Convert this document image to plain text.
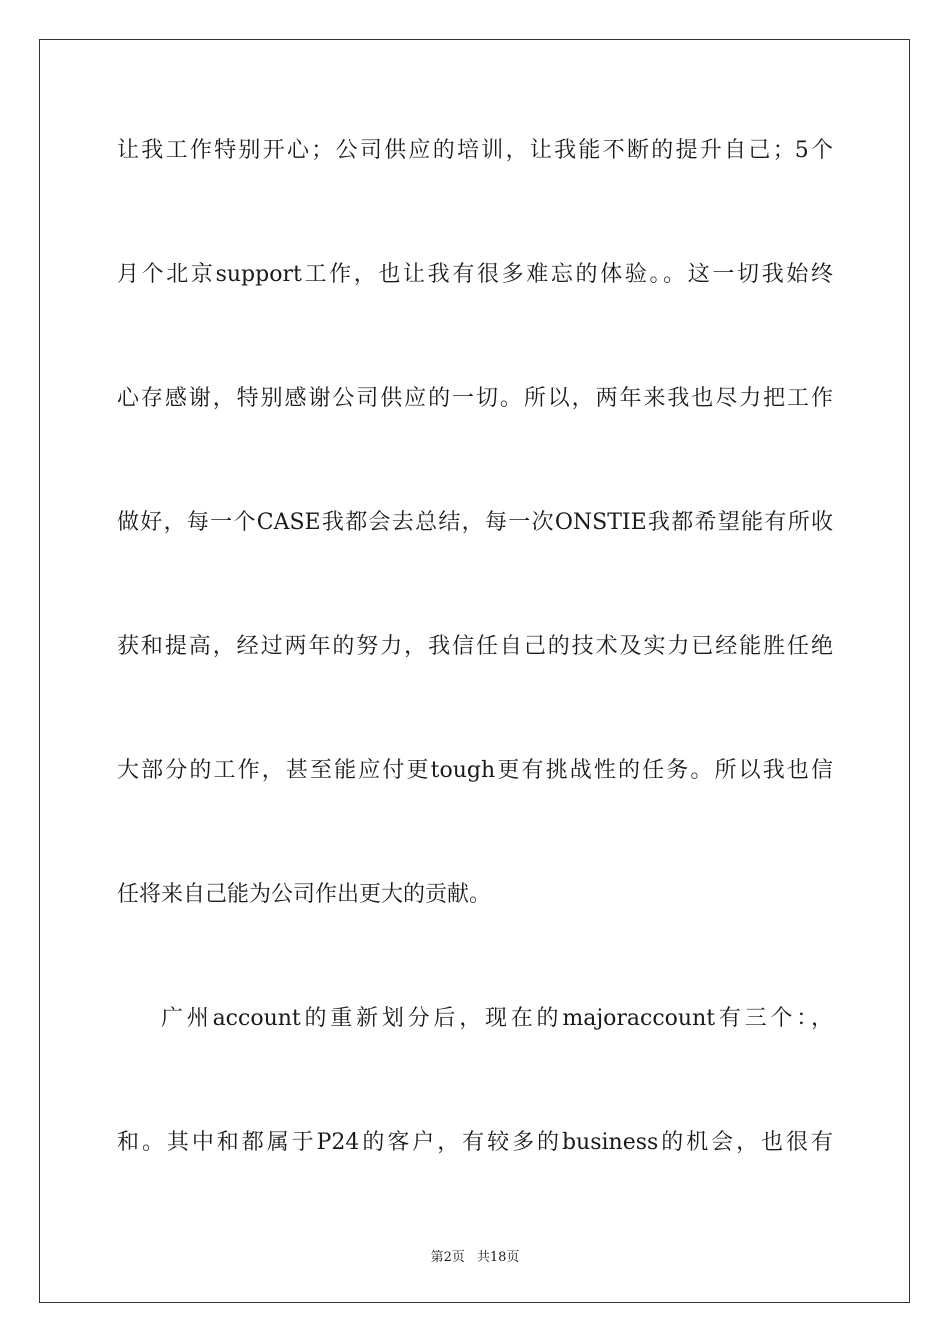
让我工作特别开心；公司供应的培训，让我能不断的提升自己；5个
月个北京support工作，也让我有很多难忘的体验。。这一切我始终
心存感谢，特别感谢公司供应的一切。所以，两年来我也尽力把工作
做好，每一个CASE我都会去总结，每一次ONSTIE我都希望能有所收
获和提高，经过两年的努力，我信任自己的技术及实力已经能胜任绝
大部分的工作，甚至能应付更tough更有挑战性的任务。所以我也信
任将来自己能为公司作出更大的贡献。
广州account的重新划分后，现在的majoraccount有三个：，
和。其中和都属于P24的客户，有较多的business的机会，也很有
第2页 共18页
